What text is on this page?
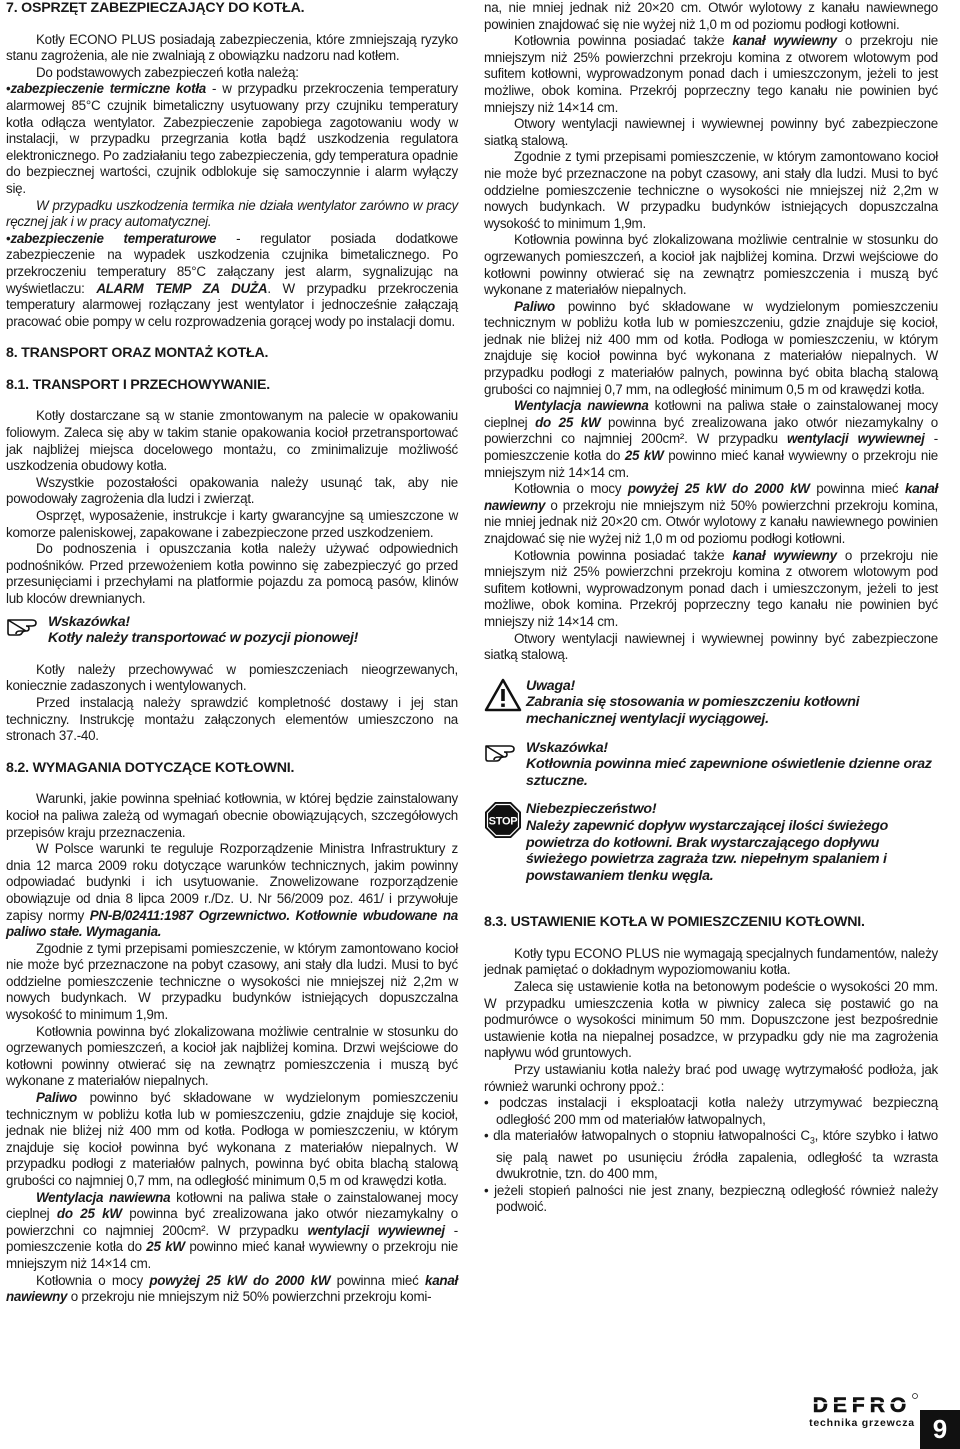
7. OSPRZĘT ZABEZPIECZAJĄCY DO KOTŁA.

Kotły ECONO PLUS posiadają zabezpieczenia, które zmniejszają ryzyko stanu zagrożenia, ale nie zwalniają z obowiązku nadzoru nad kotłem.

Do podstawowych zabezpieczeń kotła należą:

•zabezpieczenie termiczne kotła - w przypadku przekroczenia temperatury alarmowej 85°C czujnik bimetaliczny usytuowany przy czujniku temperatury kotła odłącza wentylator. Zabezpieczenie zapobiega zagotowaniu wody w instalacji, w przypadku przegrzania kotła bądź uszkodzenia regulatora elektronicznego. Po zadziałaniu tego zabezpieczenia, gdy temperatura opadnie do bezpiecznej wartości, czujnik odblokuje się samoczynnie i alarm wyłączy się.

W przypadku uszkodzenia termika nie działa wentylator zarówno w pracy ręcznej jak i w pracy automatycznej.

•zabezpieczenie temperaturowe - regulator posiada dodatkowe zabezpieczenie na wypadek uszkodzenia czujnika bimetalicznego. Po przekroczeniu temperatury 85°C załączany jest alarm, sygnalizując na wyświetlaczu: ALARM TEMP ZA DUŻA. W przypadku przekroczenia temperatury alarmowej rozłączany jest wentylator i jednocześnie załączają pracować obie pompy w celu rozprowadzenia gorącej wody po instalacji domu.

8. TRANSPORT ORAZ MONTAŻ KOTŁA.
8.1. TRANSPORT I PRZECHOWYWANIE.

Kotły dostarczane są w stanie zmontowanym na palecie w opakowaniu foliowym. Zaleca się aby w takim stanie opakowania kocioł przetransportować jak najbliżej miejsca docelowego montażu, co zminimalizuje możliwość uszkodzenia obudowy kotła.

Wszystkie pozostałości opakowania należy usunąć tak, aby nie powodowały zagrożenia dla ludzi i zwierząt.

Osprzęt, wyposażenie, instrukcje i karty gwarancyjne są umieszczone w komorze paleniskowej, zapakowane i zabezpieczone przed uszkodzeniem.

Do podnoszenia i opuszczania kotła należy używać odpowiednich podnośników. Przed przewożeniem kotła powinno się zabezpieczyć go przed przesunięciami i przechyłami na platformie pojazdu za pomocą pasów, klinów lub kloców drewnianych.

Wskazówka!
Kotły należy transportować w pozycji pionowej!

Kotły należy przechowywać w pomieszczeniach nieogrzewanych, koniecznie zadaszonych i wentylowanych.

Przed instalacją należy sprawdzić kompletność dostawy i jej stan techniczny. Instrukcję montażu załączonych elementów umieszczono na stronach 37.-40.

8.2. WYMAGANIA DOTYCZĄCE KOTŁOWNI.

Warunki, jakie powinna spełniać kotłownia, w której będzie zainstalowany kocioł na paliwa zależą od wymagań obecnie obowiązujących, szczegółowych przepisów kraju przeznaczenia.

W Polsce warunki te reguluje Rozporządzenie Ministra Infrastruktury z dnia 12 marca 2009 roku dotyczące warunków technicznych, jakim powinny odpowiadać budynki i ich usytuowanie. Znowelizowane rozporządzenie obowiązuje od dnia 8 lipca 2009 r./Dz. U. Nr 56/2009 poz. 461/ i przywołuje zapisy normy PN-B/02411:1987 Ogrzewnictwo. Kotłownie wbudowane na paliwo stałe. Wymagania.

Zgodnie z tymi przepisami pomieszczenie, w którym zamontowano kocioł nie może być przeznaczone na pobyt czasowy, ani stały dla ludzi. Musi to być oddzielne pomieszczenie techniczne o wysokości nie mniejszej niż 2,2m w nowych budynkach. W przypadku budynków istniejących dopuszczalna wysokość to minimum 1,9m.

Kotłownia powinna być zlokalizowana możliwie centralnie w stosunku do ogrzewanych pomieszczeń, a kocioł jak najbliżej komina. Drzwi wejściowe do kotłowni powinny otwierać się na zewnątrz pomieszczenia i muszą być wykonane z materiałów niepalnych.

Paliwo powinno być składowane w wydzielonym pomieszczeniu technicznym w pobliżu kotła lub w pomieszczeniu, gdzie znajduje się kocioł, jednak nie bliżej niż 400 mm od kotła. Podłoga w pomieszczeniu, w którym znajduje się kocioł powinna być wykonana z materiałów niepalnych. W przypadku podłogi z materiałów palnych, powinna być obita blachą stalową grubości co najmniej 0,7 mm, na odległość minimum 0,5 m od krawędzi kotła.

Wentylacja nawiewna kotłowni na paliwa stałe o zainstalowanej mocy cieplnej do 25 kW powinna być zrealizowana jako otwór niezamykalny o powierzchni co najmniej 200cm². W przypadku wentylacji wywiewnej - pomieszczenie kotła do 25 kW powinno mieć kanał wywiewny o przekroju nie mniejszym niż 14×14 cm.

Kotłownia o mocy powyżej 25 kW do 2000 kW powinna mieć kanał nawiewny o przekroju nie mniejszym niż 50% powierzchni przekroju komi-

na, nie mniej jednak niż 20×20 cm. Otwór wylotowy z kanału nawiewnego powinien znajdować się nie wyżej niż 1,0 m od poziomu podłogi kotłowni.

Kotłownia powinna posiadać także kanał wywiewny o przekroju nie mniejszym niż 25% powierzchni przekroju komina z otworem wlotowym pod sufitem kotłowni, wyprowadzonym ponad dach i umieszczonym, jeżeli to jest możliwe, obok komina. Przekrój poprzeczny tego kanału nie powinien być mniejszy niż 14×14 cm.

Otwory wentylacji nawiewnej i wywiewnej powinny być zabezpieczone siatką stalową.

Zgodnie z tymi przepisami pomieszczenie, w którym zamontowano kocioł nie może być przeznaczone na pobyt czasowy, ani stały dla ludzi. Musi to być oddzielne pomieszczenie techniczne o wysokości nie mniejszej niż 2,2m w nowych budynkach. W przypadku budynków istniejących dopuszczalna wysokość to minimum 1,9m.

Kotłownia powinna być zlokalizowana możliwie centralnie w stosunku do ogrzewanych pomieszczeń, a kocioł jak najbliżej komina. Drzwi wejściowe do kotłowni powinny otwierać się na zewnątrz pomieszczenia i muszą być wykonane z materiałów niepalnych.

Paliwo powinno być składowane w wydzielonym pomieszczeniu technicznym w pobliżu kotła lub w pomieszczeniu, gdzie znajduje się kocioł, jednak nie bliżej niż 400 mm od kotła. Podłoga w pomieszczeniu, w którym znajduje się kocioł powinna być wykonana z materiałów niepalnych. W przypadku podłogi z materiałów palnych, powinna być obita blachą stalową grubości co najmniej 0,7 mm, na odległość minimum 0,5 m od krawędzi kotła.

Wentylacja nawiewna kotłowni na paliwa stałe o zainstalowanej mocy cieplnej do 25 kW powinna być zrealizowana jako otwór niezamykalny o powierzchni co najmniej 200cm². W przypadku wentylacji wywiewnej - pomieszczenie kotła do 25 kW powinno mieć kanał wywiewny o przekroju nie mniejszym niż 14×14 cm.

Kotłownia o mocy powyżej 25 kW do 2000 kW powinna mieć kanał nawiewny o przekroju nie mniejszym niż 50% powierzchni przekroju komina, nie mniej jednak niż 20×20 cm. Otwór wylotowy z kanału nawiewnego powinien znajdować się nie wyżej niż 1,0 m od poziomu podłogi kotłowni.

Kotłownia powinna posiadać także kanał wywiewny o przekroju nie mniejszym niż 25% powierzchni przekroju komina z otworem wlotowym pod sufitem kotłowni, wyprowadzonym ponad dach i umieszczonym, jeżeli to jest możliwe, obok komina. Przekrój poprzeczny tego kanału nie powinien być mniejszy niż 14×14 cm.

Otwory wentylacji nawiewnej i wywiewnej powinny być zabezpieczone siatką stalową.

Uwaga!
Zabrania się stosowania w pomieszczeniu kotłowni mechanicznej wentylacji wyciągowej.
Wskazówka!
Kotłownia powinna mieć zapewnione oświetlenie dzienne oraz sztuczne.
STOP
Niebezpieczeństwo!
Należy zapewnić dopływ wystarczającej ilości świeżego powietrza do kotłowni. Brak wystarczającego dopływu świeżego powietrza zagraża tzw. niepełnym spalaniem i powstawaniem tlenku węgla.
8.3. USTAWIENIE KOTŁA W POMIESZCZENIU KOTŁOWNI.

Kotły typu ECONO PLUS nie wymagają specjalnych fundamentów, należy jednak pamiętać o dokładnym wypoziomowaniu kotła.

Zaleca się ustawienie kotła na betonowym podeście o wysokości 20 mm. W przypadku umieszczenia kotła w piwnicy zaleca się postawić go na podmurówce o wysokości minimum 50 mm. Dopuszczone jest bezpośrednie ustawienie kotła na niepalnej posadzce, w przypadku gdy nie ma zagrożenia napływu wód gruntowych.

Przy ustawianiu kotła należy brać pod uwagę wytrzymałość podłoża, jak również warunki ochrony ppoż.:

• podczas instalacji i eksploatacji kotła należy utrzymywać bezpieczną odległość 200 mm od materiałów łatwopalnych,

• dla materiałów łatwopalnych o stopniu łatwopalności $C_3$, które szybko i łatwo się palą nawet po usunięciu źródła zapalenia, odległość ta wzrasta dwukrotnie, tzn. do 400 mm,

• jeżeli stopień palności nie jest znany, bezpieczną odległość również należy podwoić.

DEFRO
technika grzewcza 9
